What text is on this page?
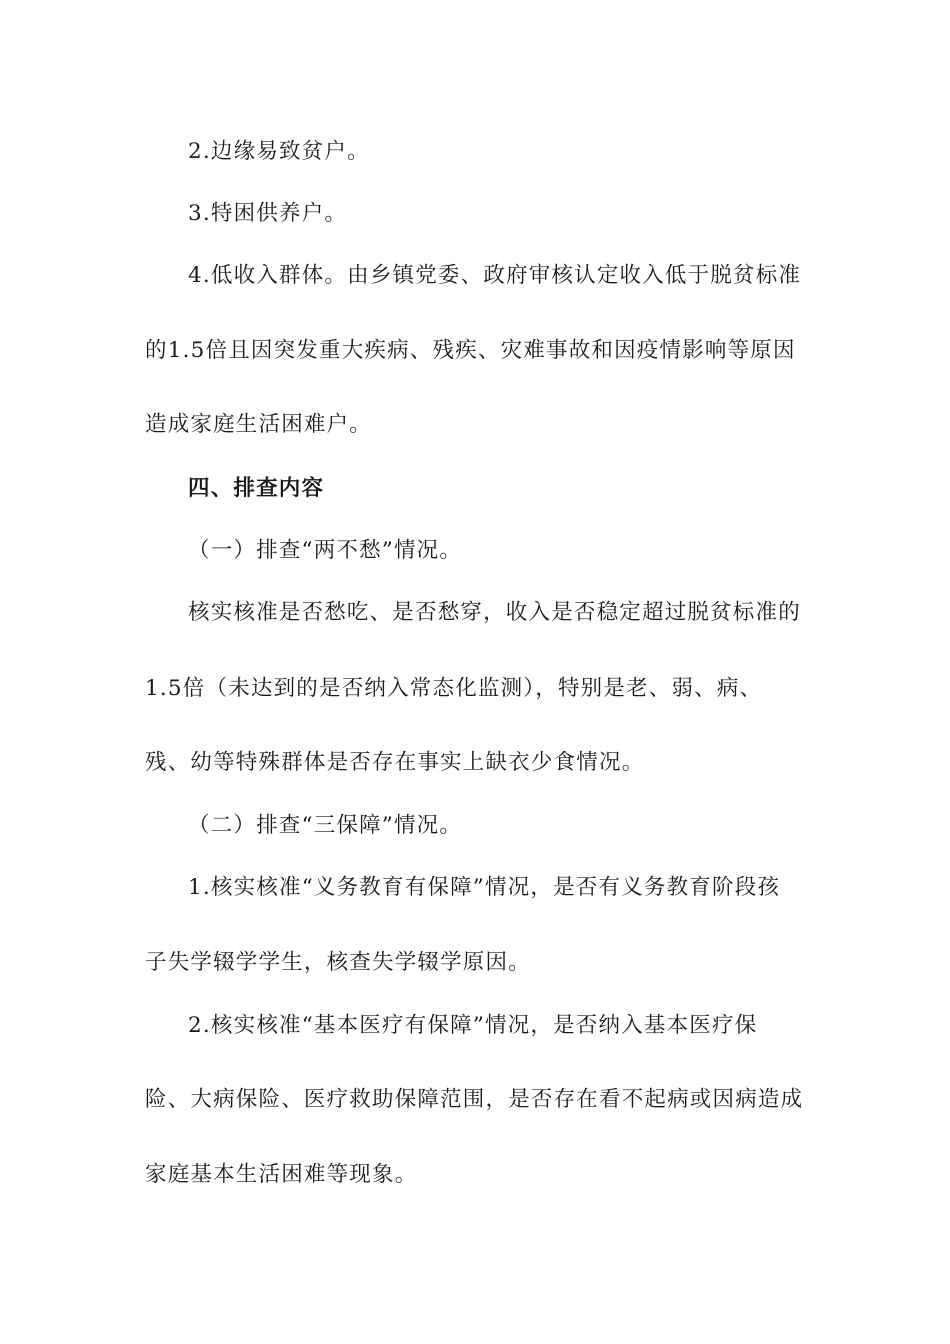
2.边缘易致贫户。
3.特困供养户。
4.低收入群体。由乡镇党委、政府审核认定收入低于脱贫标准
的1.5倍且因突发重大疾病、残疾、灾难事故和因疫情影响等原因
造成家庭生活困难户。
四、排查内容
（一）排查“两不愁”情况。
核实核准是否愁吃、是否愁穿，收入是否稳定超过脱贫标准的
1.5倍（未达到的是否纳入常态化监测），特别是老、弱、病、
残、幼等特殊群体是否存在事实上缺衣少食情况。
（二）排查“三保障”情况。
1.核实核准“义务教育有保障”情况，是否有义务教育阶段孩
子失学辍学学生，核查失学辍学原因。
2.核实核准“基本医疗有保障”情况，是否纳入基本医疗保
险、大病保险、医疗救助保障范围，是否存在看不起病或因病造成
家庭基本生活困难等现象。
